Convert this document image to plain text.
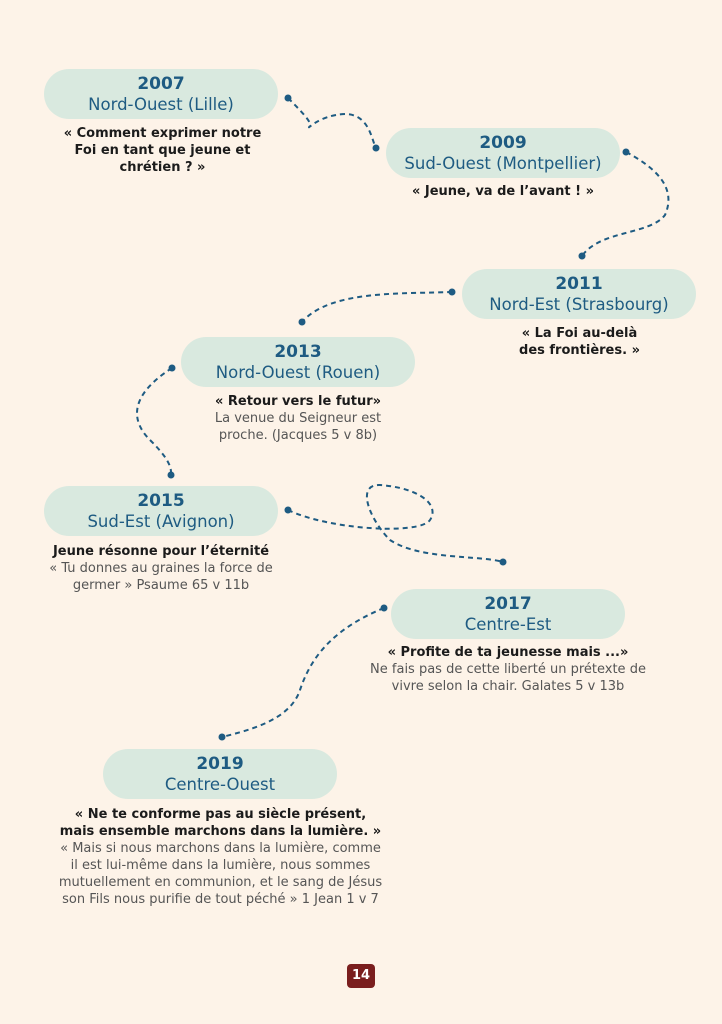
2007
Nord-Ouest (Lille)
« Comment exprimer notre Foi en tant que jeune et chrétien ? »
2009
Sud-Ouest (Montpellier)
« Jeune, va de l’avant ! »
2011
Nord-Est (Strasbourg)
« La Foi au-delà des frontières. »
2013
Nord-Ouest (Rouen)
« Retour vers le futur»
La venue du Seigneur est proche. (Jacques 5 v 8b)
2015
Sud-Est (Avignon)
Jeune résonne pour l’éternité
« Tu donnes au graines la force de germer » Psaume 65 v 11b
2017
Centre-Est
« Profite de ta jeunesse mais ...»
Ne fais pas de cette liberté un prétexte de vivre selon la chair. Galates 5 v 13b
2019
Centre-Ouest
« Ne te conforme pas au siècle présent, mais ensemble marchons dans la lumière. »
« Mais si nous marchons dans la lumière, comme il est lui-même dans la lumière, nous sommes mutuellement en communion, et le sang de Jésus son Fils nous purifie de tout péché » 1 Jean 1 v 7
14
